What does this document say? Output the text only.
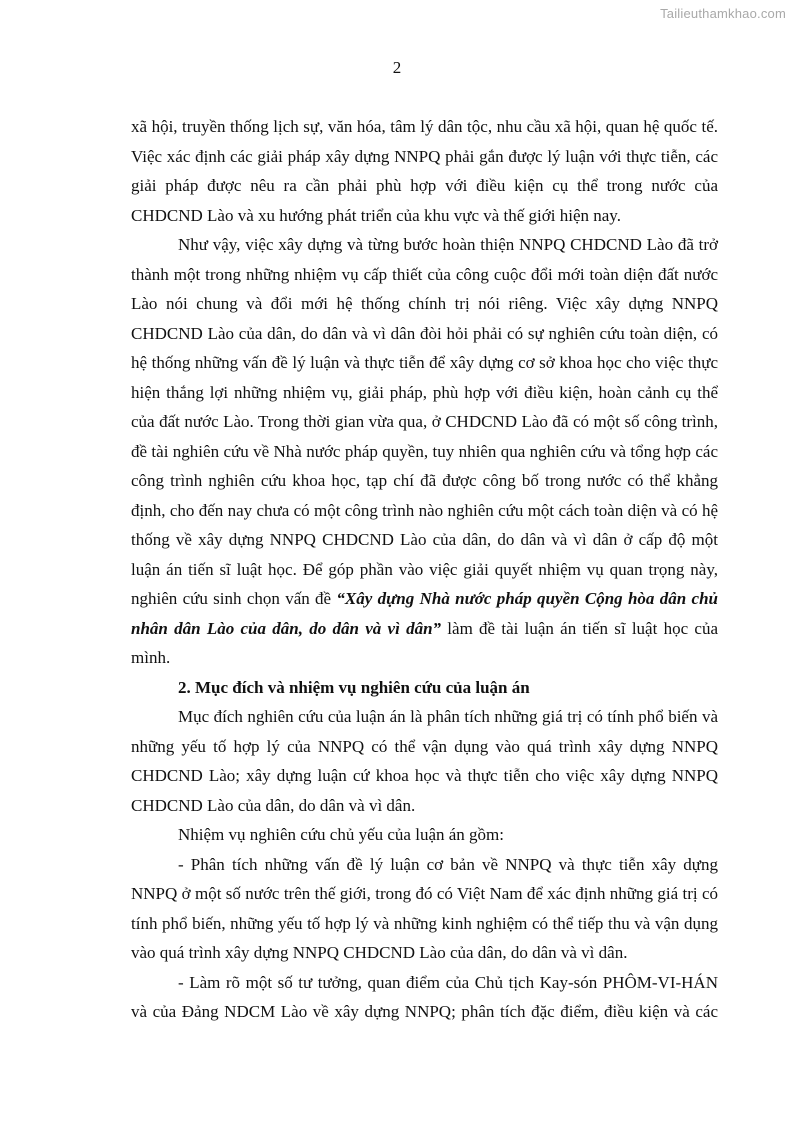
Tailieuthamkhao.com
2

xã hội, truyền thống lịch sự, văn hóa, tâm lý dân tộc, nhu cầu xã hội, quan hệ quốc tế. Việc xác định các giải pháp xây dựng NNPQ phải gắn được lý luận với thực tiễn, các giải pháp được nêu ra cần phải phù hợp với điều kiện cụ thể trong nước của CHDCND Lào và xu hướng phát triển của khu vực và thế giới hiện nay.

Như vậy, việc xây dựng và từng bước hoàn thiện NNPQ CHDCND Lào đã trở thành một trong những nhiệm vụ cấp thiết của công cuộc đổi mới toàn diện đất nước Lào nói chung và đổi mới hệ thống chính trị nói riêng. Việc xây dựng NNPQ CHDCND Lào của dân, do dân và vì dân đòi hỏi phải có sự nghiên cứu toàn diện, có hệ thống những vấn đề lý luận và thực tiễn để xây dựng cơ sở khoa học cho việc thực hiện thắng lợi những nhiệm vụ, giải pháp, phù hợp với điều kiện, hoàn cảnh cụ thể của đất nước Lào. Trong thời gian vừa qua, ở CHDCND Lào đã có một số công trình, đề tài nghiên cứu về Nhà nước pháp quyền, tuy nhiên qua nghiên cứu và tổng hợp các công trình nghiên cứu khoa học, tạp chí đã được công bố trong nước có thể khẳng định, cho đến nay chưa có một công trình nào nghiên cứu một cách toàn diện và có hệ thống về xây dựng NNPQ CHDCND Lào của dân, do dân và vì dân ở cấp độ một luận án tiến sĩ luật học. Để góp phần vào việc giải quyết nhiệm vụ quan trọng này, nghiên cứu sinh chọn vấn đề “Xây dựng Nhà nước pháp quyền Cộng hòa dân chủ nhân dân Lào của dân, do dân và vì dân” làm đề tài luận án tiến sĩ luật học của mình.

2. Mục đích và nhiệm vụ nghiên cứu của luận án

Mục đích nghiên cứu của luận án là phân tích những giá trị có tính phổ biến và những yếu tố hợp lý của NNPQ có thể vận dụng vào quá trình xây dựng NNPQ CHDCND Lào; xây dựng luận cứ khoa học và thực tiễn cho việc xây dựng NNPQ CHDCND Lào của dân, do dân và vì dân.

Nhiệm vụ nghiên cứu chủ yếu của luận án gồm:

- Phân tích những vấn đề lý luận cơ bản về NNPQ và thực tiễn xây dựng NNPQ ở một số nước trên thế giới, trong đó có Việt Nam để xác định những giá trị có tính phổ biến, những yếu tố hợp lý và những kinh nghiệm có thể tiếp thu và vận dụng vào quá trình xây dựng NNPQ CHDCND Lào của dân, do dân và vì dân.

- Làm rõ một số tư tưởng, quan điểm của Chủ tịch Kay-són PHÔM-VI-HÁN và của Đảng NDCM Lào về xây dựng NNPQ; phân tích đặc điểm, điều kiện và các
